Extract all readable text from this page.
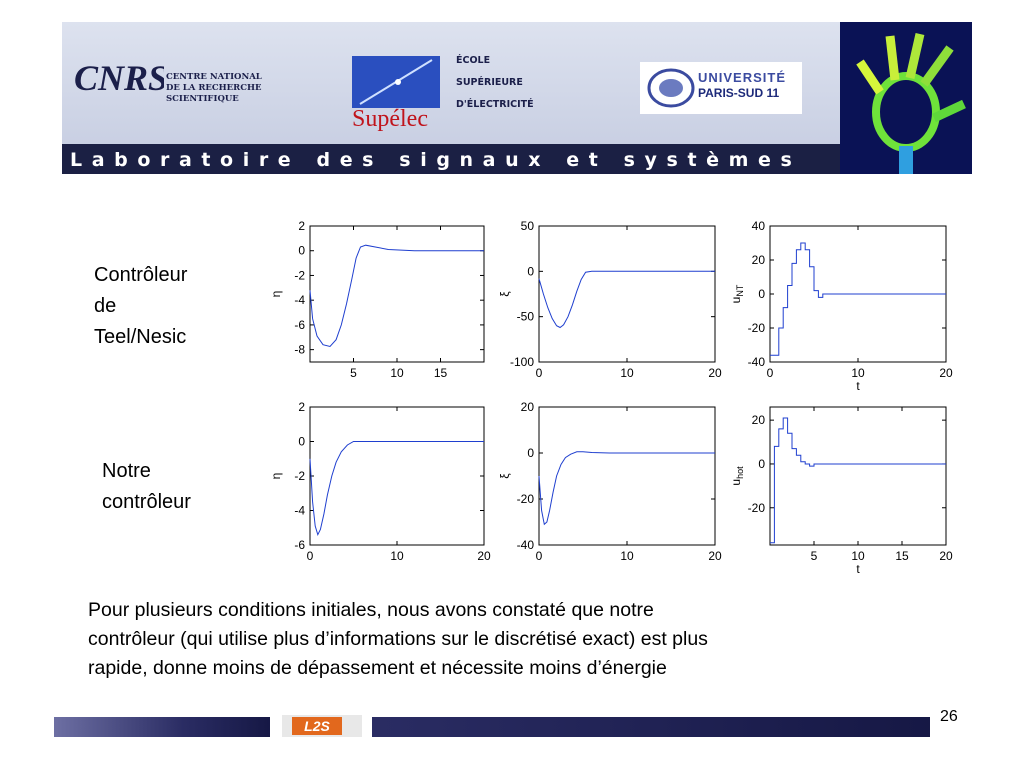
CNRS
CENTRE NATIONAL
DE LA RECHERCHE
SCIENTIFIQUE
Supélec
ÉCOLE
SUPÉRIEURE
D'ÉLECTRICITÉ
UNIVERSITÉ
PARIS-SUD 11
Laboratoire des signaux et systèmes
Contrôleur
de
Teel/Nesic
Notre
contrôleur
2
0
-2
-4
-6
-8
5	10	15
η
50
0
-50
-100
0	10	20
ξ
40
20
0
-20
-40
0	10	20
$u_{NT}$
t
2
0
-2
-4
-6
0	10	20
η
20
0
-20
-40
0	10	20
ξ
20
0
-20
5	10	15	20
$u_{hot}$
t
Pour plusieurs conditions initiales, nous avons constaté que notre
contrôleur (qui utilise plus d’informations sur le discrétisé exact) est plus
rapide, donne moins de dépassement et nécessite moins d’énergie
L2S
26
